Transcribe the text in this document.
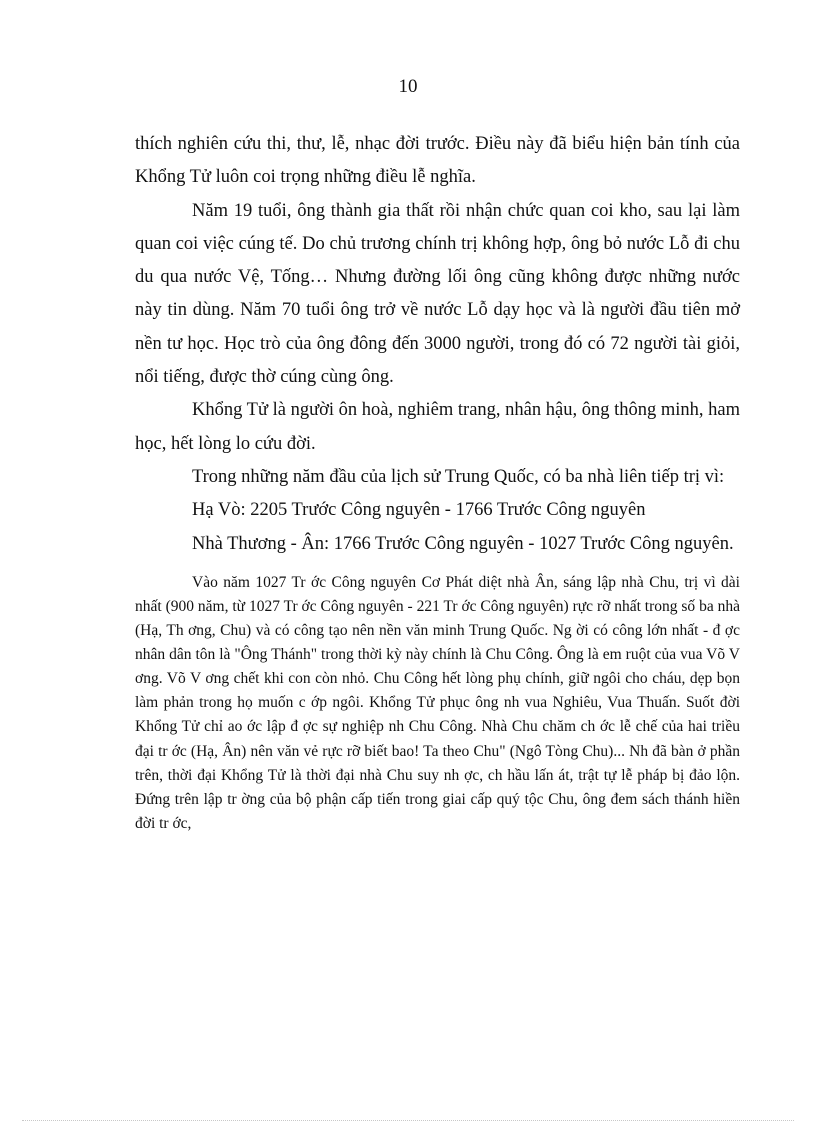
10

thích nghiên cứu thi, thư, lễ, nhạc đời trước. Điều này đã biểu hiện bản tính của Khổng Tử luôn coi trọng những điều lễ nghĩa.

Năm 19 tuổi, ông thành gia thất rồi nhận chức quan coi kho, sau lại làm quan coi việc cúng tế. Do chủ trương chính trị không hợp, ông bỏ nước Lỗ đi chu du qua nước Vệ, Tống… Nhưng đường lối ông cũng không được những nước này tin dùng. Năm 70 tuổi ông trở về nước Lỗ dạy học và là người đầu tiên mở nền tư học. Học trò của ông đông đến 3000 người, trong đó có 72 người tài giỏi, nổi tiếng, được thờ cúng cùng ông.

Khổng Tử là người ôn hoà, nghiêm trang, nhân hậu, ông thông minh, ham học, hết lòng lo cứu đời.

Trong những năm đầu của lịch sử Trung Quốc, có ba nhà liên tiếp trị vì:

Hạ Vò: 2205 Trước Công nguyên - 1766 Trước Công nguyên

Nhà Thương - Ân: 1766 Trước Công nguyên - 1027 Trước Công nguyên.

Vào năm 1027 Tr ớc Công nguyên Cơ Phát diệt nhà Ân, sáng lập nhà Chu, trị vì dài nhất (900 năm, từ 1027 Tr ớc Công nguyên - 221 Tr ớc Công nguyên) rực rỡ nhất trong số ba nhà (Hạ, Th ơng, Chu) và có công tạo nên nền văn minh Trung Quốc. Ng ời có công lớn nhất - đ ợc nhân dân tôn là "Ông Thánh" trong thời kỳ này chính là Chu Công. Ông là em ruột của vua Võ V ơng. Võ V ơng chết khi con còn nhỏ. Chu Công hết lòng phụ chính, giữ ngôi cho cháu, dẹp bọn làm phản trong họ muốn c ớp ngôi. Khổng Tử phục ông nh vua Nghiêu, Vua Thuấn. Suốt đời Khổng Tử chỉ ao ớc lập đ ợc sự nghiệp nh Chu Công. Nhà Chu chăm ch ớc lễ chế của hai triều đại tr ớc (Hạ, Ân) nên văn vẻ rực rỡ biết bao! Ta theo Chu" (Ngô Tòng Chu)... Nh đã bàn ở phần trên, thời đại Khổng Tử là thời đại nhà Chu suy nh ợc, ch hầu lấn át, trật tự lễ pháp bị đảo lộn. Đứng trên lập tr ờng của bộ phận cấp tiến trong giai cấp quý tộc Chu, ông đem sách thánh hiền đời tr ớc,
